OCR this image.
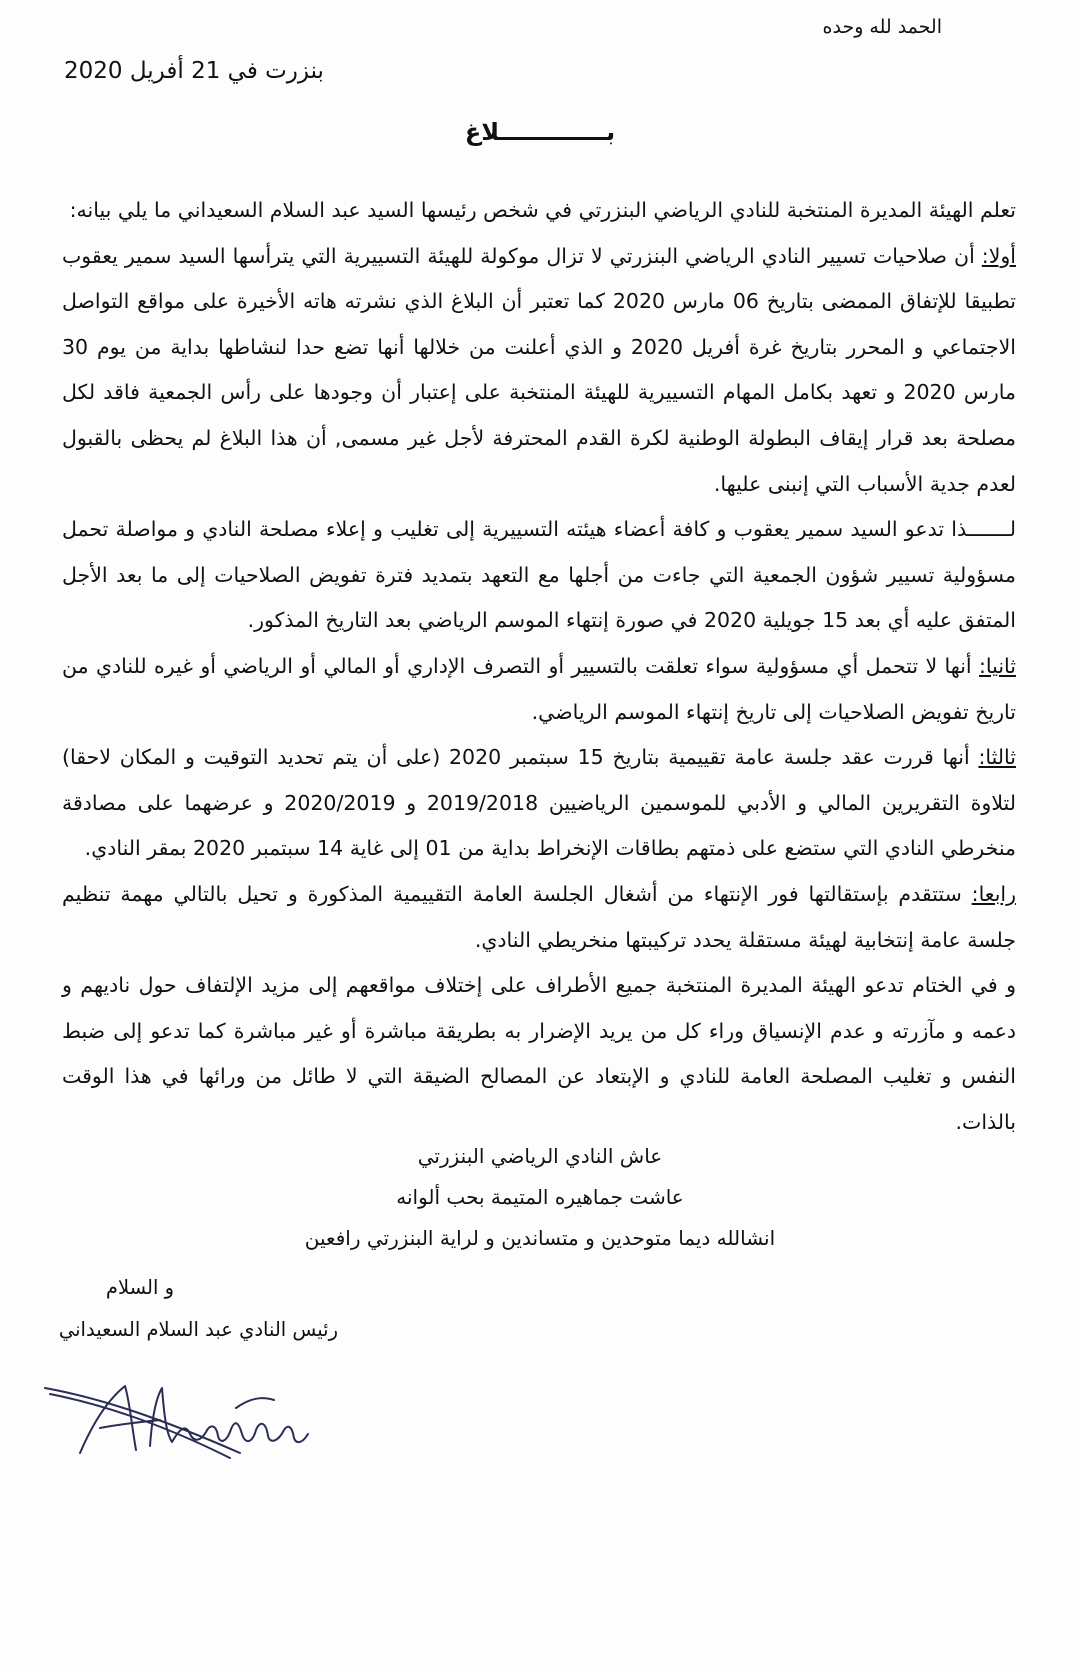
الحمد لله وحده

بنزرت في 21 أفريل 2020

بـــــــــــــلاغ

تعلم الهيئة المديرة المنتخبة للنادي الرياضي البنزرتي في شخص رئيسها السيد عبد السلام السعيداني ما يلي بيانه:

أولا: أن صلاحيات تسيير النادي الرياضي البنزرتي لا تزال موكولة للهيئة التسييرية التي يترأسها السيد سمير يعقوب تطبيقا للإتفاق الممضى بتاريخ 06 مارس 2020 كما تعتبر أن البلاغ الذي نشرته هاته الأخيرة على مواقع التواصل الاجتماعي و المحرر بتاريخ غرة أفريل 2020 و الذي أعلنت من خلالها أنها تضع حدا لنشاطها بداية من يوم 30 مارس 2020 و تعهد بكامل المهام التسييرية للهيئة المنتخبة على إعتبار أن وجودها على رأس الجمعية فاقد لكل مصلحة بعد قرار إيقاف البطولة الوطنية لكرة القدم المحترفة لأجل غير مسمى, أن هذا البلاغ لم يحظى بالقبول لعدم جدية الأسباب التي إنبنى عليها.

لـــــــذا تدعو السيد سمير يعقوب و كافة أعضاء هيئته التسييرية إلى تغليب و إعلاء مصلحة النادي و مواصلة تحمل مسؤولية تسيير شؤون الجمعية التي جاءت من أجلها مع التعهد بتمديد فترة تفويض الصلاحيات إلى ما بعد الأجل المتفق عليه أي بعد 15 جويلية 2020 في صورة إنتهاء الموسم الرياضي بعد التاريخ المذكور.

ثانيا: أنها لا تتحمل أي مسؤولية سواء تعلقت بالتسيير أو التصرف الإداري أو المالي أو الرياضي أو غيره للنادي من تاريخ تفويض الصلاحيات إلى تاريخ إنتهاء الموسم الرياضي.

ثالثا: أنها قررت عقد جلسة عامة تقييمية بتاريخ 15 سبتمبر 2020 (على أن يتم تحديد التوقيت و المكان لاحقا) لتلاوة التقريرين المالي و الأدبي للموسمين الرياضيين 2019/2018 و 2020/2019 و عرضهما على مصادقة منخرطي النادي التي ستضع على ذمتهم بطاقات الإنخراط بداية من 01 إلى غاية 14 سبتمبر 2020 بمقر النادي.

رابعا: ستتقدم بإستقالتها فور الإنتهاء من أشغال الجلسة العامة التقييمية المذكورة و تحيل بالتالي مهمة تنظيم جلسة عامة إنتخابية لهيئة مستقلة يحدد تركيبتها منخريطي النادي.

و في الختام تدعو الهيئة المديرة المنتخبة جميع الأطراف على إختلاف مواقعهم إلى مزيد الإلتفاف حول ناديهم و دعمه و مآزرته و عدم الإنسياق وراء كل من يريد الإضرار به بطريقة مباشرة أو غير مباشرة كما تدعو إلى ضبط النفس و تغليب المصلحة العامة للنادي و الإبتعاد عن المصالح الضيقة التي لا طائل من ورائها في هذا الوقت بالذات.

عاش النادي الرياضي البنزرتي

عاشت جماهيره المتيمة بحب ألوانه

انشالله ديما متوحدين و متساندين و لراية البنزرتي رافعين

و السلام

رئيس النادي عبد السلام السعيداني
